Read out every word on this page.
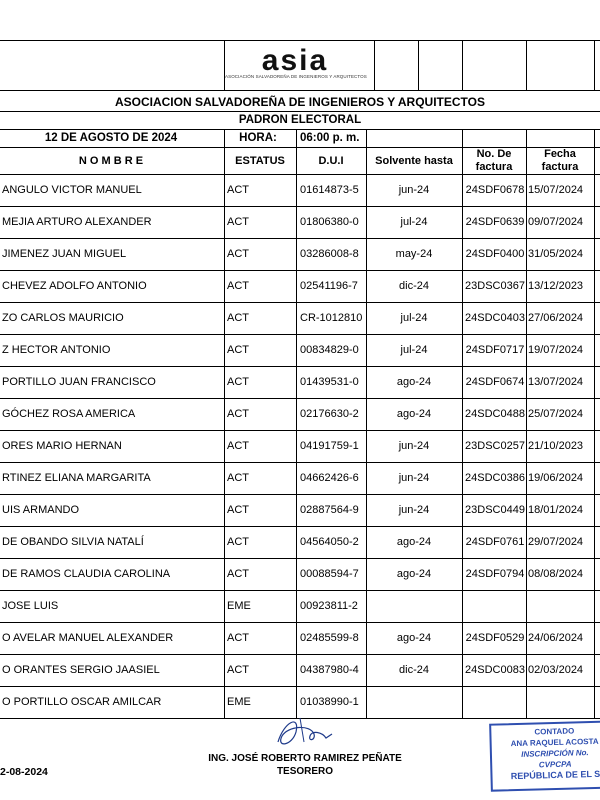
asia
ASOCIACIÓN SALVADOREÑA DE INGENIEROS Y ARQUITECTOS
ASOCIACION SALVADOREÑA DE INGENIEROS Y ARQUITECTOS
PADRON ELECTORAL
12 DE AGOSTO DE 2024	HORA:	06:00 p. m.
N O M B R E	ESTATUS	D.U.I	Solvente hasta
No. De
factura
Fecha
factura
ANGULO VICTOR MANUEL	ACT	01614873-5	jun-24	24SDF0678 15/07/2024
MEJIA ARTURO ALEXANDER	ACT	01806380-0	jul-24	24SDF0639 09/07/2024
JIMENEZ JUAN MIGUEL	ACT	03286008-8	may-24	24SDF0400 31/05/2024
CHEVEZ ADOLFO ANTONIO	ACT	02541196-7	dic-24	23DSC0367 13/12/2023
ZO CARLOS MAURICIO	ACT	CR-1012810	jul-24	24SDC0403 27/06/2024
Z HECTOR ANTONIO	ACT	00834829-0	jul-24	24SDF0717 19/07/2024
PORTILLO JUAN FRANCISCO	ACT	01439531-0	ago-24	24SDF0674 13/07/2024
GÓCHEZ ROSA AMERICA	ACT	02176630-2	ago-24	24SDC0488 25/07/2024
ORES MARIO HERNAN	ACT	04191759-1	jun-24	23DSC0257 21/10/2023
RTINEZ ELIANA MARGARITA	ACT	04662426-6	jun-24	24SDC0386 19/06/2024
UIS ARMANDO	ACT	02887564-9	jun-24	23DSC0449 18/01/2024
DE OBANDO SILVIA NATALÍ	ACT	04564050-2	ago-24	24SDF0761 29/07/2024
DE RAMOS CLAUDIA CAROLINA	ACT	00088594-7	ago-24	24SDF0794 08/08/2024
JOSE LUIS	EME	00923811-2
O AVELAR MANUEL ALEXANDER	ACT	02485599-8	ago-24	24SDF0529 24/06/2024
O ORANTES SERGIO JAASIEL	ACT	04387980-4	dic-24	24SDC0083 02/03/2024
O PORTILLO OSCAR AMILCAR	EME	01038990-1
ING. JOSÉ ROBERTO RAMIREZ PEÑATE
TESORERO
2-08-2024
CONTADO
ANA RAQUEL ACOSTA
INSCRIPCIÓN No.
CVPCPA
REPÚBLICA DE EL S
